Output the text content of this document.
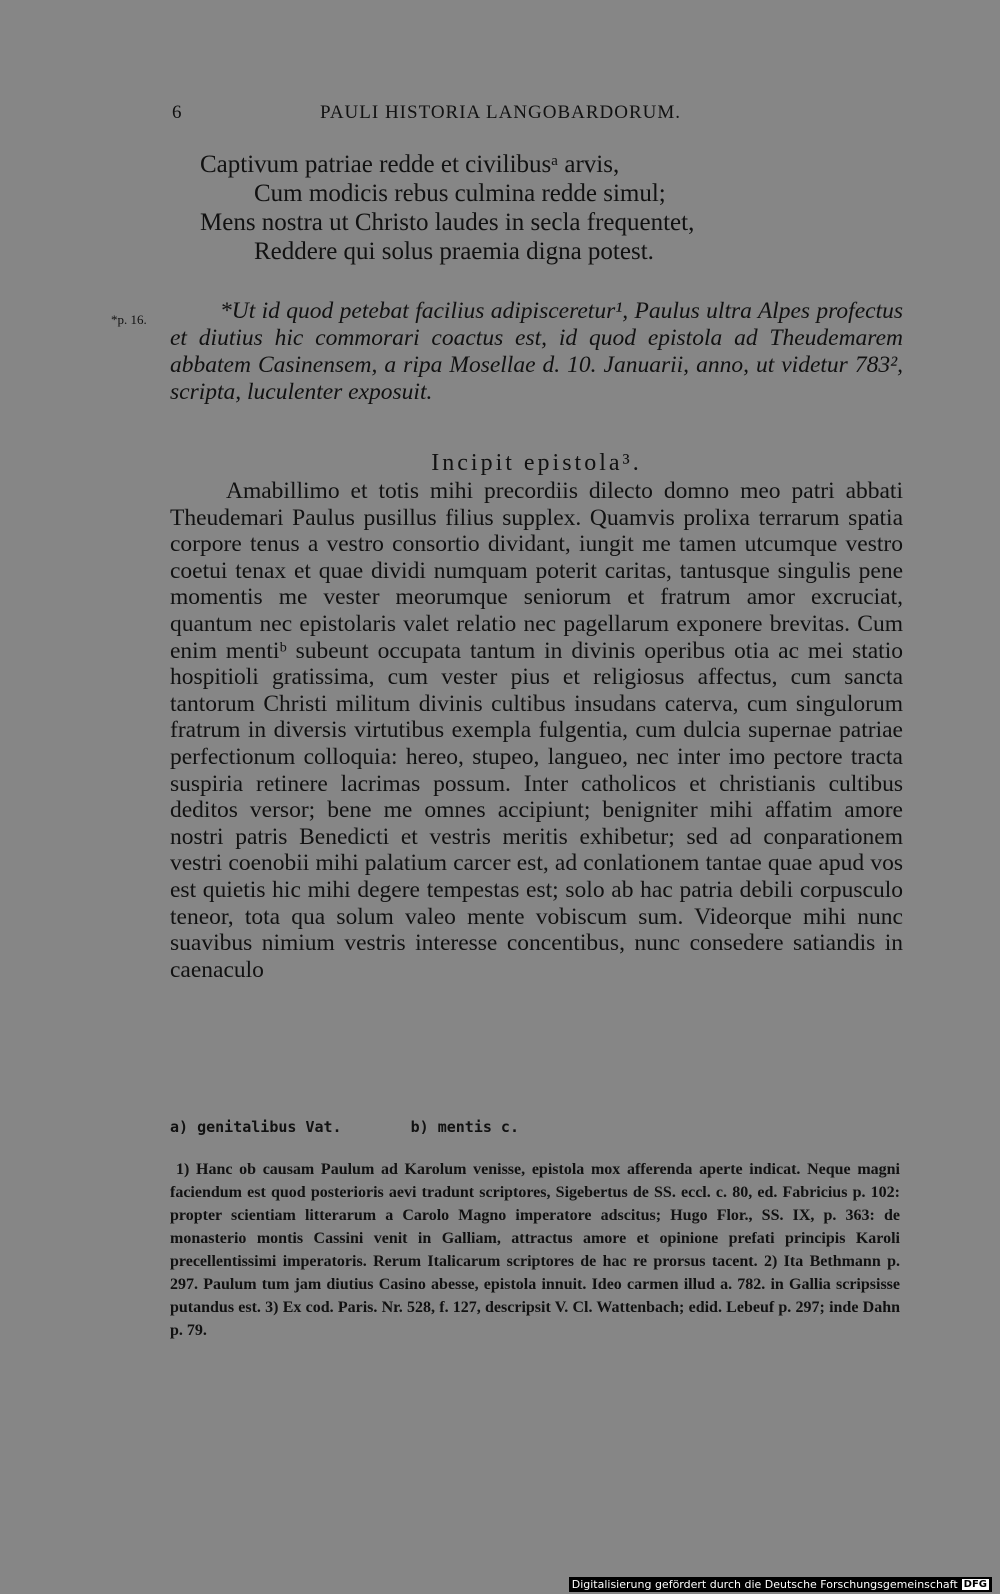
6	PAULI HISTORIA LANGOBARDORUM.
Captivum patriae redde et civilibusᵃ arvis,
Cum modicis rebus culmina redde simul;
Mens nostra ut Christo laudes in secla frequentet,
Reddere qui solus praemia digna potest.
*p. 16.	*Ut id quod petebat facilius adipisceretur¹, Paulus ultra Alpes profectus et diutius hic commorari coactus est, id quod epistola ad Theudemarem abbatem Casinensem, a ripa Mosellae d. 10. Januarii, anno, ut videtur 783², scripta, luculenter exposuit.

Incipit epistola³.

Amabillimo et totis mihi precordiis dilecto domno meo patri abbati Theudemari Paulus pusillus filius supplex. Quamvis prolixa terrarum spatia corpore tenus a vestro consortio dividant, iungit me tamen utcumque vestro coetui tenax et quae dividi numquam poterit caritas, tantusque singulis pene momentis me vester meorumque seniorum et fratrum amor excruciat, quantum nec epistolaris valet relatio nec pagellarum exponere brevitas. Cum enim mentiᵇ subeunt occupata tantum in divinis operibus otia ac mei statio hospitioli gratissima, cum vester pius et religiosus affectus, cum sancta tantorum Christi militum divinis cultibus insudans caterva, cum singulorum fratrum in diversis virtutibus exempla fulgentia, cum dulcia supernae patriae perfectionum colloquia: hereo, stupeo, langueo, nec inter imo pectore tracta suspiria retinere lacrimas possum. Inter catholicos et christianis cultibus deditos versor; bene me omnes accipiunt; benigniter mihi affatim amore nostri patris Benedicti et vestris meritis exhibetur; sed ad conparationem vestri coenobii mihi palatium carcer est, ad conlationem tantae quae apud vos est quietis hic mihi degere tempestas est; solo ab hac patria debili corpusculo teneor, tota qua solum valeo mente vobiscum sum. Videorque mihi nunc suavibus nimium vestris interesse concentibus, nunc consedere satiandis in caenaculo

a) genitalibus Vat.	b) mentis c.

1) Hanc ob causam Paulum ad Karolum venisse, epistola mox afferenda aperte indicat. Neque magni faciendum est quod posterioris aevi tradunt scriptores, Sigebertus de SS. eccl. c. 80, ed. Fabricius p. 102: propter scientiam litterarum a Carolo Magno imperatore adscitus; Hugo Flor., SS. IX, p. 363: de monasterio montis Cassini venit in Galliam, attractus amore et opinione prefati principis Karoli precellentissimi imperatoris. Rerum Italicarum scriptores de hac re prorsus tacent. 2) Ita Bethmann p. 297. Paulum tum jam diutius Casino abesse, epistola innuit. Ideo carmen illud a. 782. in Gallia scripsisse putandus est. 3) Ex cod. Paris. Nr. 528, f. 127, descripsit V. Cl. Wattenbach; edid. Lebeuf p. 297; inde Dahn p. 79.

Digitalisierung gefördert durch die Deutsche Forschungsgemeinschaft DFG
